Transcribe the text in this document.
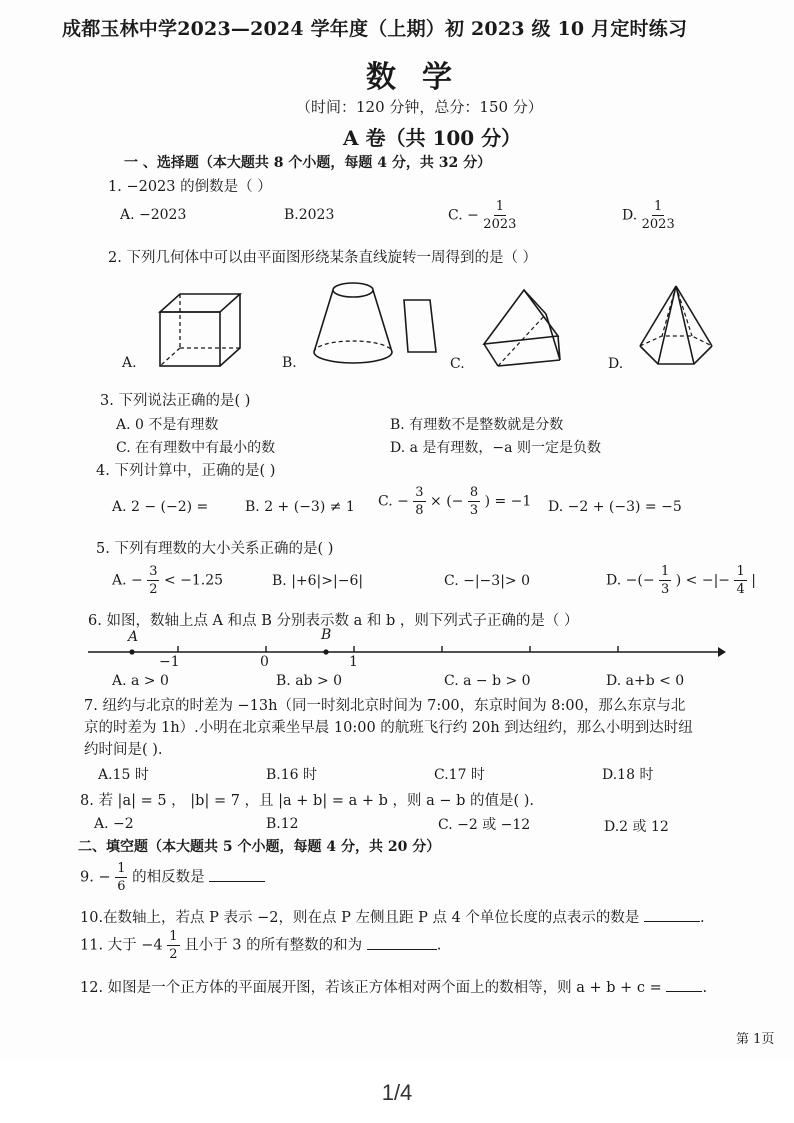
成都玉林中学2023—2024 学年度（上期）初 2023 级 10 月定时练习
数学
（时间：120 分钟，总分：150 分）
A 卷（共 100 分）
一 、选择题（本大题共 8 个小题，每题 4 分，共 32 分）
1. −2023 的倒数是（ ）
A. −2023	B.2023	C. − $\frac{1}{2023}$	D. $\frac{1}{2023}$
2. 下列几何体中可以由平面图形绕某条直线旋转一周得到的是（ ）
A.	B.	C.	D.
3. 下列说法正确的是( )
A. 0 不是有理数	B. 有理数不是整数就是分数
C. 在有理数中有最小的数	D. a 是有理数，−a 则一定是负数
4. 下列计算中，正确的是( )
A. 2 − (−2) =	B. 2 + (−3) ≠ 1 C. − $\frac{3}{8}$ × (− $\frac{8}{3}$ ) = −1 D. −2 + (−3) = −5
5. 下列有理数的大小关系正确的是( )
A. − $\frac{3}{2} < -1.25$	B. |+6|>|−6|	C. −|−3|> 0	D. −(− $\frac{1}{3}$ ) < −|− $\frac{1}{4}$ |
6. 如图，数轴上点 A 和点 B 分别表示数 a 和 b ，则下列式子正确的是（ ）
A	B
−1	0	1
A. a > 0	B. ab > 0	C. a − b > 0	D. a+b < 0
7. 纽约与北京的时差为 −13h（同一时刻北京时间为 7:00，东京时间为 8:00，那么东京与北
京的时差为 1h）.小明在北京乘坐早晨 10:00 的航班飞行约 20h 到达纽约，那么小明到达时纽
约时间是( ).
A.15 时	B.16 时	C.17 时	D.18 时
8. 若 |a| = 5 ， |b| = 7 ，且 |a + b| = a + b ，则 a − b 的值是( ).
A. −2	B.12	C. −2 或 −12	D.2 或 12
二、填空题（本大题共 5 个小题，每题 4 分，共 20 分）
9. − $\frac{1}{6}$ 的相反数是
10.在数轴上，若点 P 表示 −2，则在点 P 左侧且距 P 点 4 个单位长度的点表示的数是	.
11. 大于 $-4 \frac{1}{2}$ 且小于 3 的所有整数的和为	.
12. 如图是一个正方体的平面展开图，若该正方体相对两个面上的数相等，则 a + b + c =	.
第 1页
1/4
